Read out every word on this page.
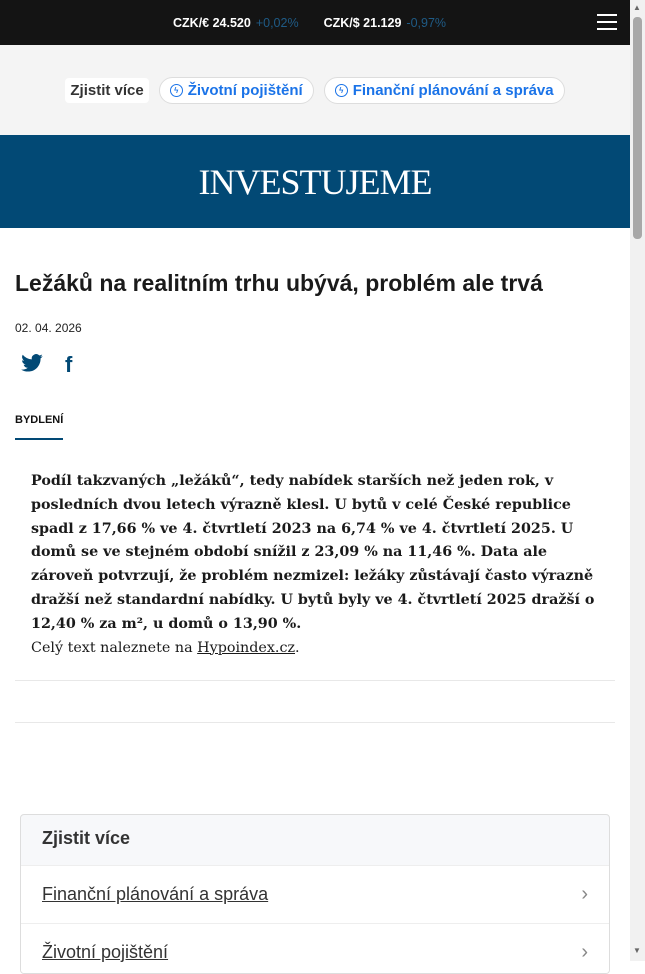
CZK/€ 24.520 +0,02% CZK/$ 21.129 -0,97%
Zjistit více	ϟ Životní pojištění	ϟ Finanční plánování a správa
INVESTUJEME
Ležáků na realitním trhu ubývá, problém ale trvá
02. 04. 2026
f
BYDLENÍ

Podíl takzvaných „ležáků“, tedy nabídek starších než jeden rok, v posledních dvou letech výrazně klesl. U bytů v celé České republice spadl z 17,66 % ve 4. čtvrtletí 2023 na 6,74 % ve 4. čtvrtletí 2025. U domů se ve stejném období snížil z 23,09 % na 11,46 %. Data ale zároveň potvrzují, že problém nezmizel: ležáky zůstávají často výrazně dražší než standardní nabídky. U bytů byly ve 4. čtvrtletí 2025 dražší o 12,40 % za m², u domů o 13,90 %.

Celý text naleznete na Hypoindex.cz.
Zjistit více
Finanční plánování a správa	›
Životní pojištění	›
▲
▼
